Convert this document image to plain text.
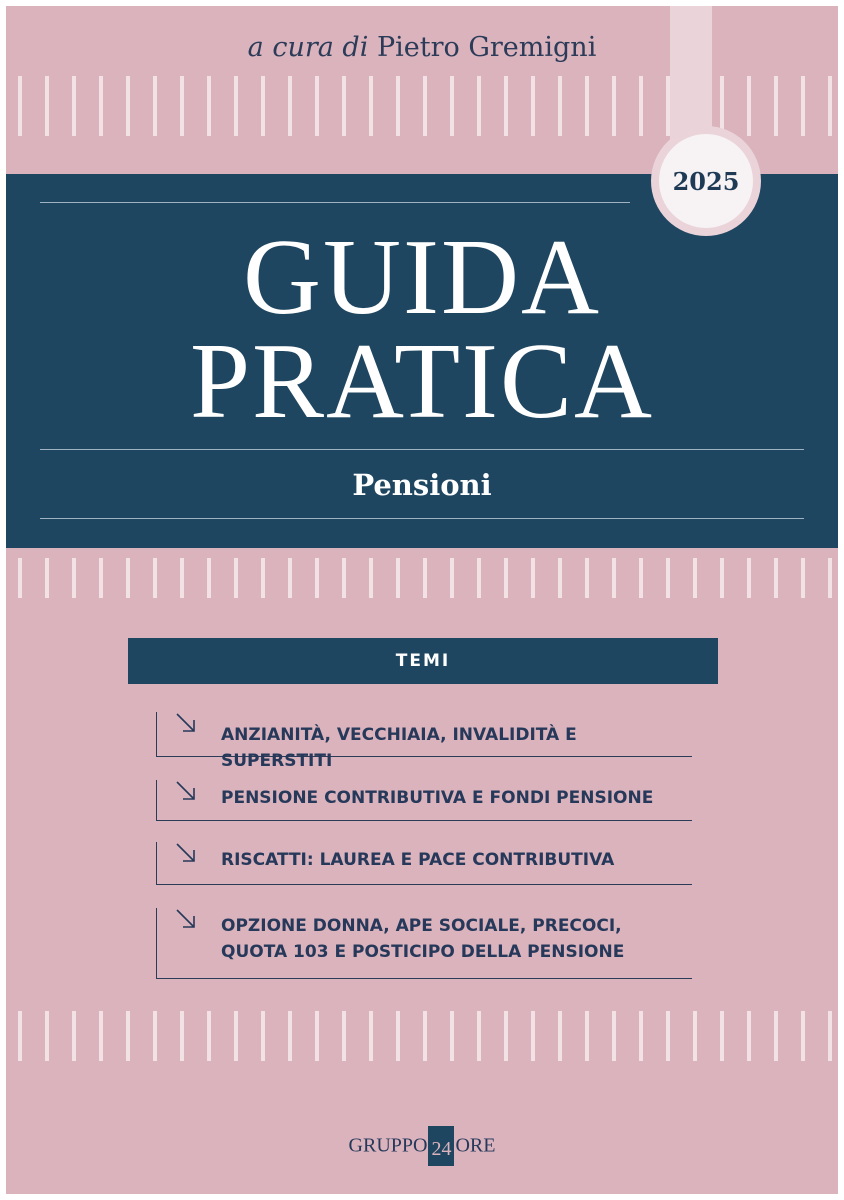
a cura di Pietro Gremigni
2025
GUIDA
PRATICA
Pensioni
TEMI
ANZIANITÀ, VECCHIAIA, INVALIDITÀ E SUPERSTITI
PENSIONE CONTRIBUTIVA E FONDI PENSIONE
RISCATTI: LAUREA E PACE CONTRIBUTIVA
OPZIONE DONNA, APE SOCIALE, PRECOCI,
QUOTA 103 E POSTICIPO DELLA PENSIONE
GRUPPO 24 ORE
